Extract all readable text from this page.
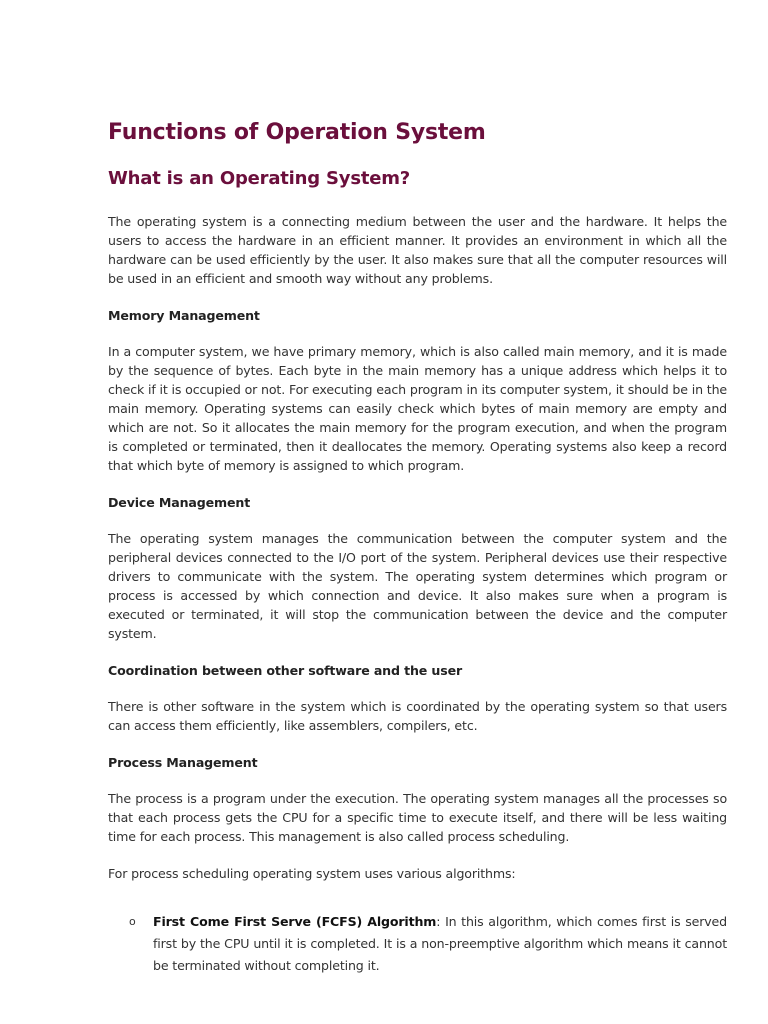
Functions of Operation System
What is an Operating System?

The operating system is a connecting medium between the user and the hardware. It helps the users to access the hardware in an efficient manner. It provides an environment in which all the hardware can be used efficiently by the user. It also makes sure that all the computer resources will be used in an efficient and smooth way without any problems.

Memory Management

In a computer system, we have primary memory, which is also called main memory, and it is made by the sequence of bytes. Each byte in the main memory has a unique address which helps it to check if it is occupied or not. For executing each program in its computer system, it should be in the main memory. Operating systems can easily check which bytes of main memory are empty and which are not. So it allocates the main memory for the program execution, and when the program is completed or terminated, then it deallocates the memory. Operating systems also keep a record that which byte of memory is assigned to which program.

Device Management

The operating system manages the communication between the computer system and the peripheral devices connected to the I/O port of the system. Peripheral devices use their respective drivers to communicate with the system. The operating system determines which program or process is accessed by which connection and device. It also makes sure when a program is executed or terminated, it will stop the communication between the device and the computer system.

Coordination between other software and the user

There is other software in the system which is coordinated by the operating system so that users can access them efficiently, like assemblers, compilers, etc.

Process Management

The process is a program under the execution. The operating system manages all the processes so that each process gets the CPU for a specific time to execute itself, and there will be less waiting time for each process. This management is also called process scheduling.

For process scheduling operating system uses various algorithms:

o First Come First Serve (FCFS) Algorithm: In this algorithm, which comes first is served first by the CPU until it is completed. It is a non-preemptive algorithm which means it cannot be terminated without completing it.
